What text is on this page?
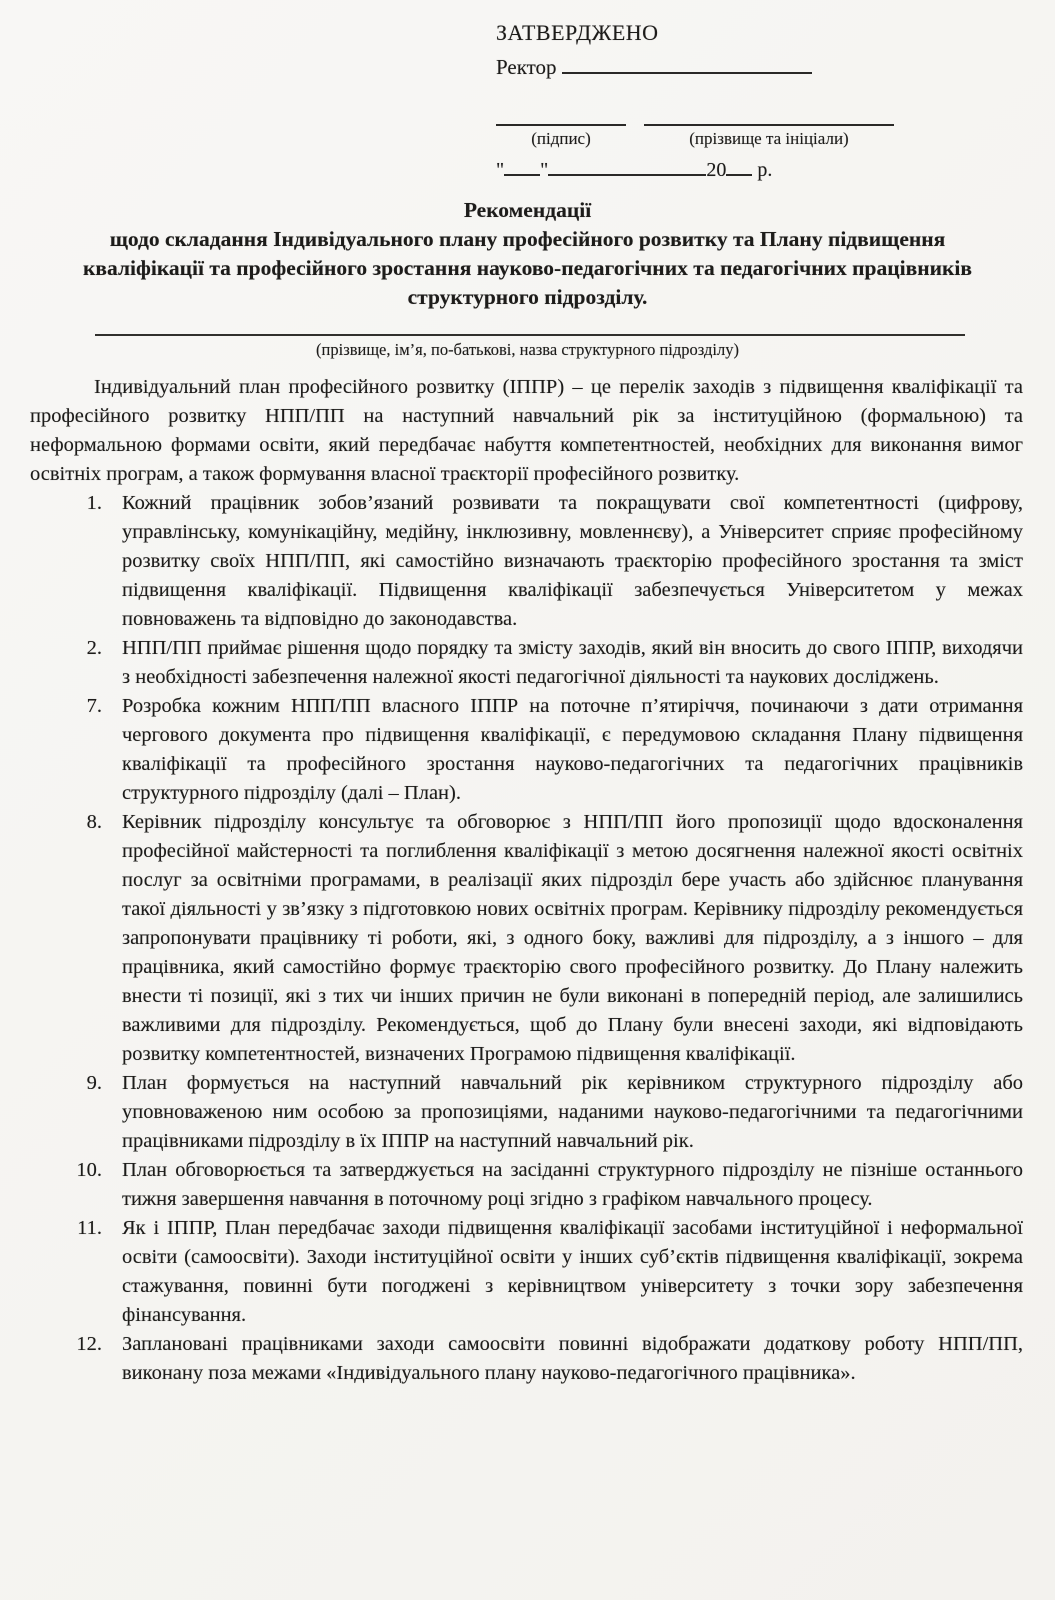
ЗАТВЕРДЖЕНО
Ректор
(підпис)	(прізвище та ініціали)
" "	20 р.
Рекомендації
щодо складання Індивідуального плану професійного розвитку та Плану підвищення кваліфікації та професійного зростання науково-педагогічних та педагогічних працівників структурного підрозділу.
(прізвище, ім’я, по-батькові, назва структурного підрозділу)

Індивідуальний план професійного розвитку (ІППР) – це перелік заходів з підвищення кваліфікації та професійного розвитку НПП/ПП на наступний навчальний рік за інституційною (формальною) та неформальною формами освіти, який передбачає набуття компетентностей, необхідних для виконання вимог освітніх програм, а також формування власної траєкторії професійного розвитку.

1. Кожний працівник зобов’язаний розвивати та покращувати свої компетентності (цифрову, управлінську, комунікаційну, медійну, інклюзивну, мовленнєву), а Університет сприяє професійному розвитку своїх НПП/ПП, які самостійно визначають траєкторію професійного зростання та зміст підвищення кваліфікації. Підвищення кваліфікації забезпечується Університетом у межах повноважень та відповідно до законодавства.
2. НПП/ПП приймає рішення щодо порядку та змісту заходів, який він вносить до свого ІППР, виходячи з необхідності забезпечення належної якості педагогічної діяльності та наукових досліджень.
7. Розробка кожним НПП/ПП власного ІППР на поточне п’ятиріччя, починаючи з дати отримання чергового документа про підвищення кваліфікації, є передумовою складання Плану підвищення кваліфікації та професійного зростання науково-педагогічних та педагогічних працівників структурного підрозділу (далі – План).
8. Керівник підрозділу консультує та обговорює з НПП/ПП його пропозиції щодо вдосконалення професійної майстерності та поглиблення кваліфікації з метою досягнення належної якості освітніх послуг за освітніми програмами, в реалізації яких підрозділ бере участь або здійснює планування такої діяльності у зв’язку з підготовкою нових освітніх програм. Керівнику підрозділу рекомендується запропонувати працівнику ті роботи, які, з одного боку, важливі для підрозділу, а з іншого – для працівника, який самостійно формує траєкторію свого професійного розвитку. До Плану належить внести ті позиції, які з тих чи інших причин не були виконані в попередній період, але залишились важливими для підрозділу. Рекомендується, щоб до Плану були внесені заходи, які відповідають розвитку компетентностей, визначених Програмою підвищення кваліфікації.
9. План формується на наступний навчальний рік керівником структурного підрозділу або уповноваженою ним особою за пропозиціями, наданими науково-педагогічними та педагогічними працівниками підрозділу в їх ІППР на наступний навчальний рік.
10. План обговорюється та затверджується на засіданні структурного підрозділу не пізніше останнього тижня завершення навчання в поточному році згідно з графіком навчального процесу.
11. Як і ІППР, План передбачає заходи підвищення кваліфікації засобами інституційної і неформальної освіти (самоосвіти). Заходи інституційної освіти у інших суб’єктів підвищення кваліфікації, зокрема стажування, повинні бути погоджені з керівництвом університету з точки зору забезпечення фінансування.
12. Заплановані працівниками заходи самоосвіти повинні відображати додаткову роботу НПП/ПП, виконану поза межами «Індивідуального плану науково-педагогічного працівника».
